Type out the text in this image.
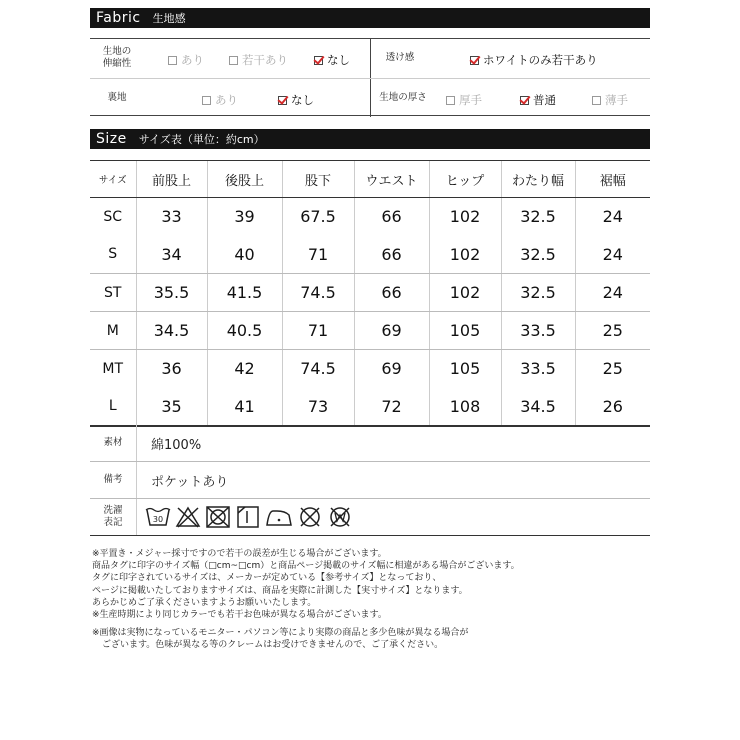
Fabric 生地感
生地の
伸縮性	あり	若干あり	なし	透け感	ホワイトのみ若干あり
裏地	あり	なし	生地の厚さ	厚手	普通	薄手
Size サイズ表（単位：約cm）
サイズ	前股上	後股上	股下	ウエスト	ヒップ	わたり幅	裾幅
SC	33	39	67.5	66	102	32.5	24
S	34	40	71	66	102	32.5	24
ST	35.5	41.5	74.5	66	102	32.5	24
M	34.5	40.5	71	69	105	33.5	25
MT	36	42	74.5	69	105	33.5	25
L	35	41	73	72	108	34.5	26
素材	綿100%
備考	ポケットあり
洗濯
表記	30

※平置き・メジャー採寸ですので若干の誤差が生じる場合がございます。

商品タグに印字のサイズ幅（□cm~□cm）と商品ページ掲載のサイズ幅に相違がある場合がございます。

タグに印字されているサイズは、メーカーが定めている【参考サイズ】となっており、

ページに掲載いたしておりますサイズは、商品を実際に計測した【実寸サイズ】となります。

あらかじめご了承くださいますようお願いいたします。

※生産時期により同じカラーでも若干お色味が異なる場合がございます。

※画像は実物になっているモニター・パソコン等により実際の商品と多少色味が異なる場合が

ございます。色味が異なる等のクレームはお受けできませんので、ご了承ください。
